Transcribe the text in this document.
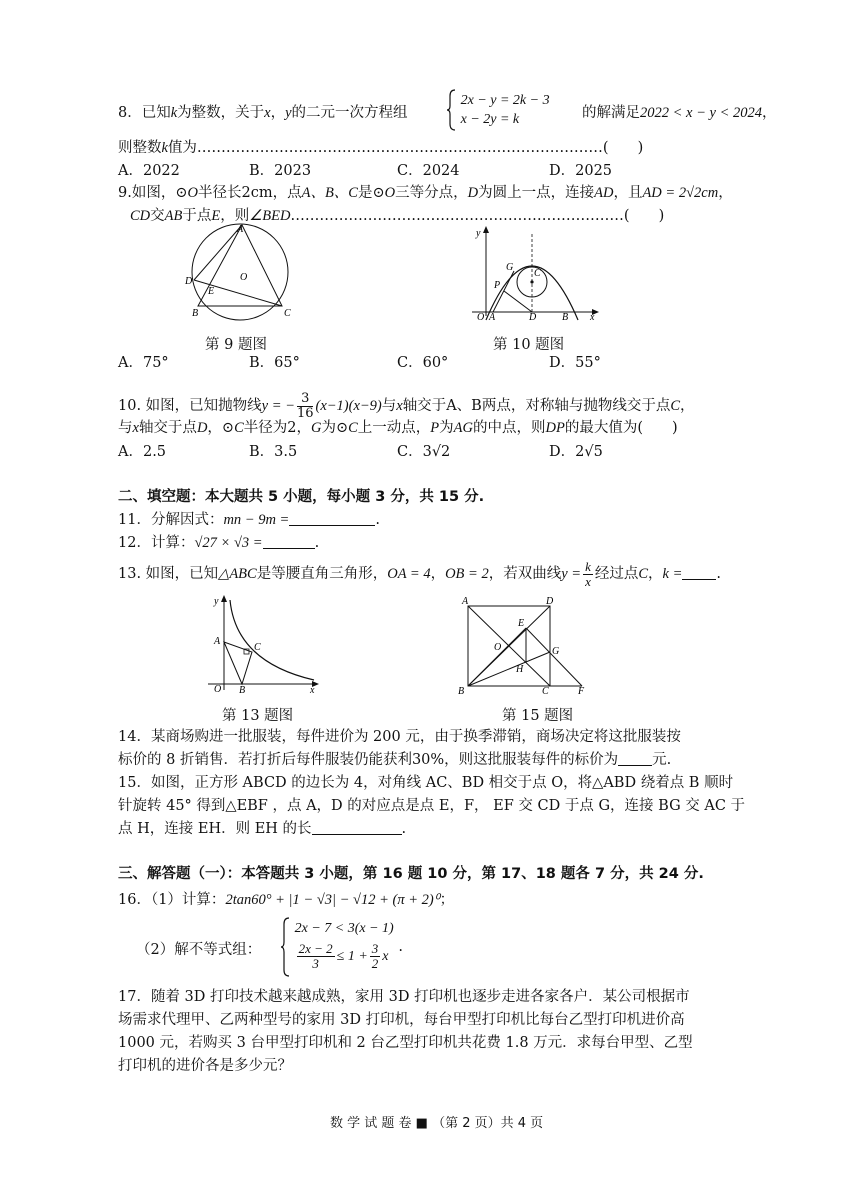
8．已知k为整数，关于x，y的二元一次方程组

2x − y = 2k − 3
x − 2y = k	的解满足2022 < x − y < 2024，
则整数k值为…………………………………………………………………………(　　)
A．2022	B．2023	C．2024	D．2025
9.如图，⊙O半径长2cm，点A、B、C是⊙O三等分点，D为圆上一点，连接AD，且AD = 2√2cm，
CD交AB于点E，则∠BED……………………………………………………………(　　)
A
D
E
O
B	C
第 9 题图
y
G
C
P
O A	D	B x
第 10 题图
A．75°	B．65°	C．60°	D．55°
10. 如图，已知抛物线y = − $\frac{3}{16} (x-1)(x-9)$与x轴交于A、B两点，对称轴与抛物线交于点C，
与x轴交于点D，⊙C半径为2，G为⊙C上一动点，P为AG的中点，则DP的最大值为(　　)
A．2.5	B．3.5	C．3√2	D．2√5
二、填空题：本大题共 5 小题，每小题 3 分，共 15 分.
11．分解因式：mn − 9m =	.
12．计算：√27 × √3 =	.
13. 如图，已知△ABC是等腰直角三角形，OA = 4，OB = 2，若双曲线$y = \frac{k}{x}$ 经过点C，k = .
y
A
C
O B	x
第 13 题图
A	D
E
O	G
H
B	C	F
第 15 题图
14．某商场购进一批服装，每件进价为 200 元，由于换季滞销，商场决定将这批服装按
标价的 8 折销售．若打折后每件服装仍能获利30%，则这批服装每件的标价为 元.
15．如图，正方形 ABCD 的边长为 4，对角线 AC、BD 相交于点 O，将△ABD 绕着点 B 顺时
针旋转 45° 得到△EBF ，点 A，D 的对应点是点 E，F， EF 交 CD 于点 G，连接 BG 交 AC 于
点 H，连接 EH．则 EH 的长	.
三、解答题（一）：本答题共 3 小题，第 16 题 10 分，第 17、18 题各 7 分，共 24 分.
16．（1）计算：2tan60° + |1 − √3| − √12 + (π + 2)⁰；
（2）解不等式组：

2x − 7 < 3(x − 1)
$\frac{2x - 2}{3} \le 1 + \frac{3}{2}$ x
.
17．随着 3D 打印技术越来越成熟，家用 3D 打印机也逐步走进各家各户．某公司根据市
场需求代理甲、乙两种型号的家用 3D 打印机，每台甲型打印机比每台乙型打印机进价高
1000 元，若购买 3 台甲型打印机和 2 台乙型打印机共花费 1.8 万元．求每台甲型、乙型
打印机的进价各是多少元？
数 学 试 题 卷 ■ （第 2 页）共 4 页
